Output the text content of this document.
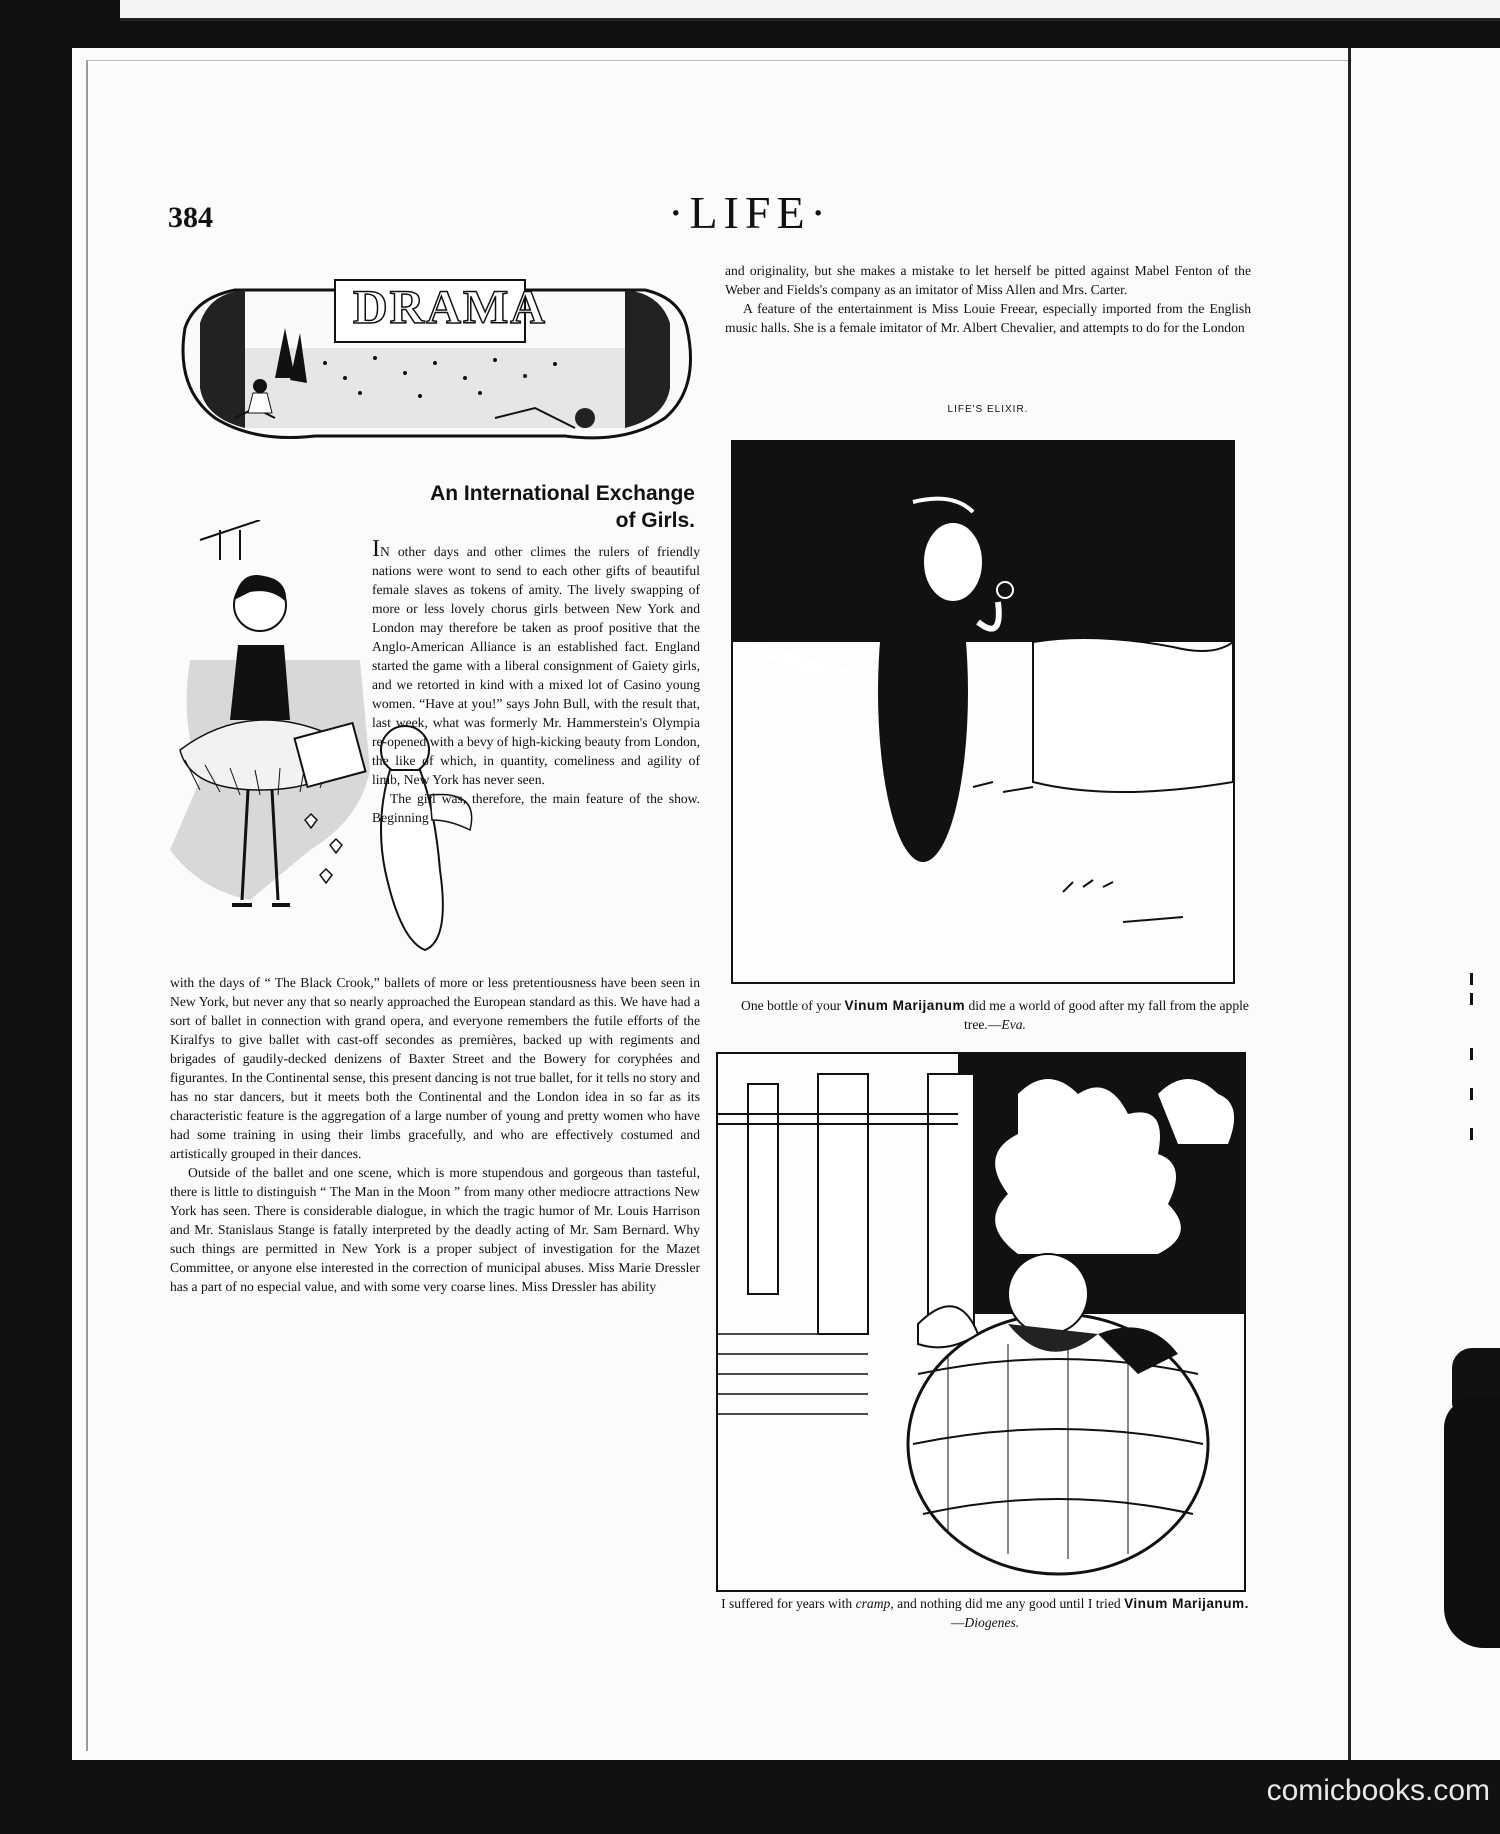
384	·LIFE·
DRAMA
An International Exchange
of Girls.

IN other days and other climes the rulers of friendly nations were wont to send to each other gifts of beautiful female slaves as tokens of amity. The lively swapping of more or less lovely chorus girls between New York and London may therefore be taken as proof positive that the Anglo-American Alliance is an established fact. England started the game with a liberal consignment of Gaiety girls, and we retorted in kind with a mixed lot of Casino young women. “Have at you!” says John Bull, with the result that, last week, what was formerly Mr. Hammerstein's Olympia re-opened with a bevy of high-kicking beauty from London, the like of which, in quantity, comeliness and agility of limb, New York has never seen.

The girl was, therefore, the main feature of the show. Beginning

with the days of “ The Black Crook,” ballets of more or less pretentiousness have been seen in New York, but never any that so nearly approached the European standard as this. We have had a sort of ballet in connection with grand opera, and everyone remembers the futile efforts of the Kiralfys to give ballet with cast-off secondes as premières, backed up with regiments and brigades of gaudily-decked denizens of Baxter Street and the Bowery for coryphées and figurantes. In the Continental sense, this present dancing is not true ballet, for it tells no story and has no star dancers, but it meets both the Continental and the London idea in so far as its characteristic feature is the aggregation of a large number of young and pretty women who have had some training in using their limbs gracefully, and who are effectively costumed and artistically grouped in their dances.

Outside of the ballet and one scene, which is more stupendous and gorgeous than tasteful, there is little to distinguish “ The Man in the Moon ” from many other mediocre attractions New York has seen. There is considerable dialogue, in which the tragic humor of Mr. Louis Harrison and Mr. Stanislaus Stange is fatally interpreted by the deadly acting of Mr. Sam Bernard. Why such things are permitted in New York is a proper subject of investigation for the Mazet Committee, or anyone else interested in the correction of municipal abuses. Miss Marie Dressler has a part of no especial value, and with some very coarse lines. Miss Dressler has ability

and originality, but she makes a mistake to let herself be pitted against Mabel Fenton of the Weber and Fields's company as an imitator of Miss Allen and Mrs. Carter.

A feature of the entertainment is Miss Louie Freear, especially imported from the English music halls. She is a female imitator of Mr. Albert Chevalier, and attempts to do for the London

LIFE'S ELIXIR.
One bottle of your Vinum Marijanum did me a world of good after my fall from the apple tree.—Eva.
I suffered for years with cramp, and nothing did me any good until I tried Vinum Marijanum.—Diogenes.
comicbooks.com
